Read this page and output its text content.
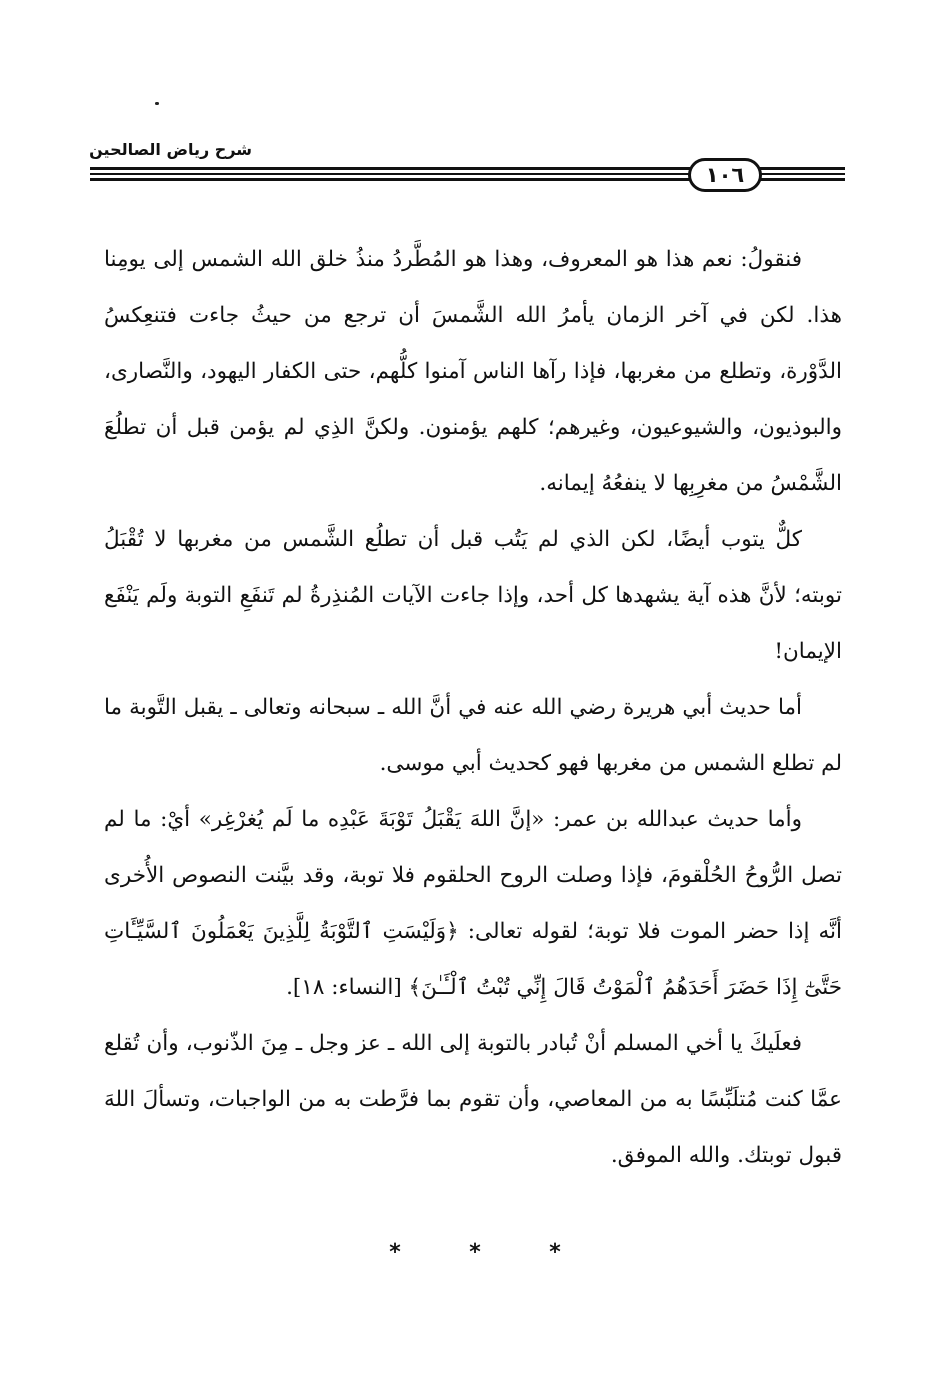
شرح رياض الصالحين
١٠٦

فنقولُ: نعم هذا هو المعروف، وهذا هو المُطَّردُ منذُ خلق الله الشمس إلى يومِنا هذا. لكن في آخر الزمان يأمرُ الله الشَّمسَ أن ترجع من حيثُ جاءت فتنعِكسُ الدَّوْرة، وتطلع من مغربها، فإذا رآها الناس آمنوا كلُّهم، حتى الكفار اليهود، والنَّصارى، والبوذيون، والشيوعيون، وغيرهم؛ كلهم يؤمنون. ولكنَّ الذِي لم يؤمن قبل أن تطلُعَ الشَّمْسُ من مغرِبِها لا ينفعُهُ إيمانه.

كلٌّ يتوب أيضًا، لكن الذي لم يَتُب قبل أن تطلُع الشَّمس من مغربها لا تُقْبَلُ توبته؛ لأنَّ هذه آية يشهدها كل أحد، وإذا جاءت الآيات المُنذِرةُ لم تَنفَعِ التوبة ولَم يَنْفَع الإيمان!

أما حديث أبي هريرة رضي الله عنه في أنَّ الله ـ سبحانه وتعالى ـ يقبل التَّوبة ما لم تطلع الشمس من مغربها فهو كحديث أبي موسى.

وأما حديث عبدالله بن عمر: «إنَّ اللهَ يَقْبَلُ تَوْبَةَ عَبْدِه ما لَم يُغرْغِر» أيْ: ما لم تصل الرُّوحُ الحُلْقومَ، فإذا وصلت الروح الحلقوم فلا توبة، وقد بيَّنت النصوص الأُخرى أنَّه إذا حضر الموت فلا توبة؛ لقوله تعالى: ﴿وَلَيْسَتِ ٱلتَّوْبَةُ لِلَّذِينَ يَعْمَلُونَ ٱلسَّيِّـَٔاتِ حَتَّىٰٓ إِذَا حَضَرَ أَحَدَهُمُ ٱلْمَوْتُ قَالَ إِنِّي تُبْتُ ٱلْـَٔـٰنَ﴾ [النساء: ١٨].

فعلَيكَ يا أخي المسلم أنْ تُبادر بالتوبة إلى الله ـ عز وجل ـ مِنَ الذّنوب، وأن تُقلع عمَّا كنت مُتلَبِّسًا به من المعاصي، وأن تقوم بما فرَّطت به من الواجبات، وتسألَ اللهَ قبول توبتك. والله الموفق.

*	*	*
